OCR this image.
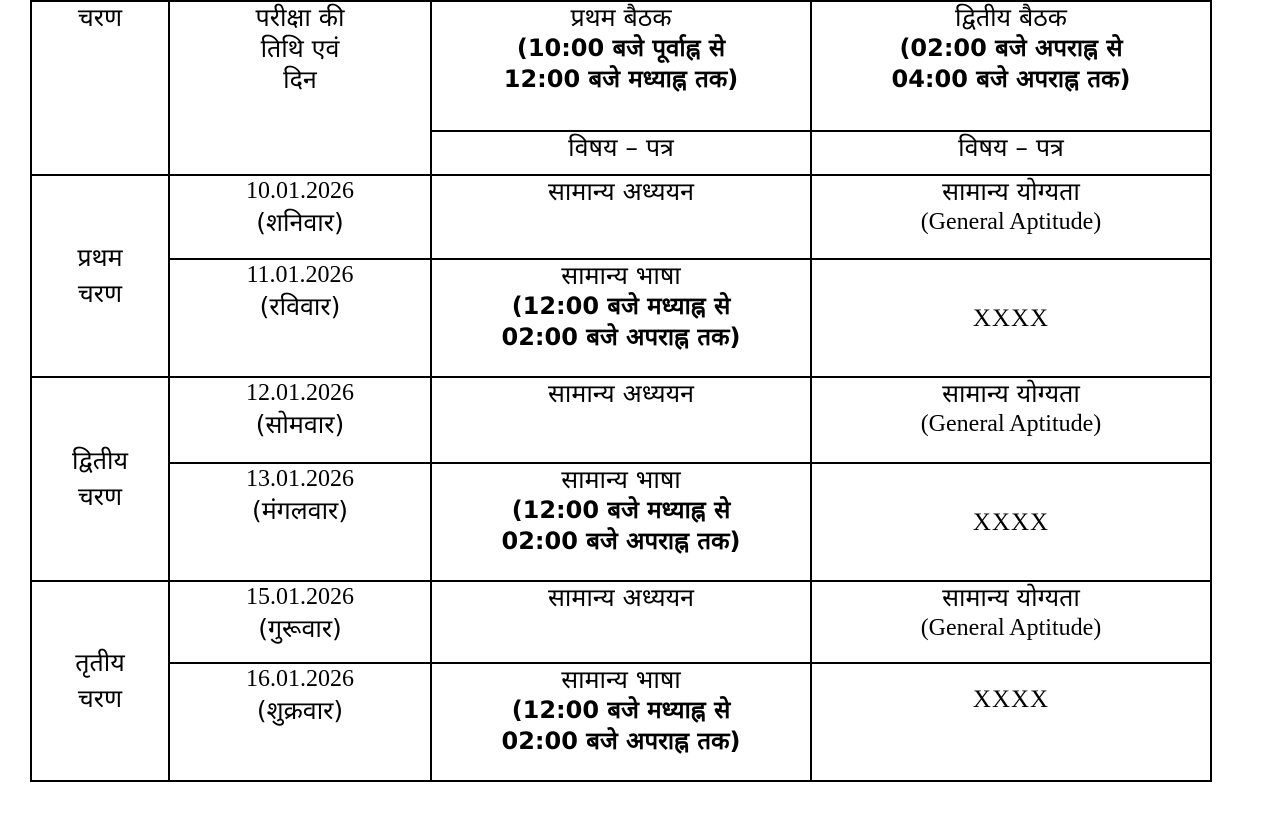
चरण	परीक्षा की
तिथि एवं
दिन	प्रथम बैठक
(10:00 बजे पूर्वाह्न से
12:00 बजे मध्याह्न तक)	द्वितीय बैठक
(02:00 बजे अपराह्न से
04:00 बजे अपराह्न तक)

		विषय – पत्र	विषय – पत्र

प्रथम
चरण	10.01.2026
(शनिवार)	सामान्य अध्ययन	सामान्य योग्यता
(General Aptitude)

	11.01.2026
(रविवार)	सामान्य भाषा
(12:00 बजे मध्याह्न से
02:00 बजे अपराह्न तक)	XXXX

द्वितीय
चरण	12.01.2026
(सोमवार)	सामान्य अध्ययन	सामान्य योग्यता
(General Aptitude)

	13.01.2026
(मंगलवार)	सामान्य भाषा
(12:00 बजे मध्याह्न से
02:00 बजे अपराह्न तक)	XXXX

तृतीय
चरण	15.01.2026
(गुरूवार)	सामान्य अध्ययन	सामान्य योग्यता
(General Aptitude)

	16.01.2026
(शुक्रवार)	सामान्य भाषा
(12:00 बजे मध्याह्न से
02:00 बजे अपराह्न तक)	XXXX
